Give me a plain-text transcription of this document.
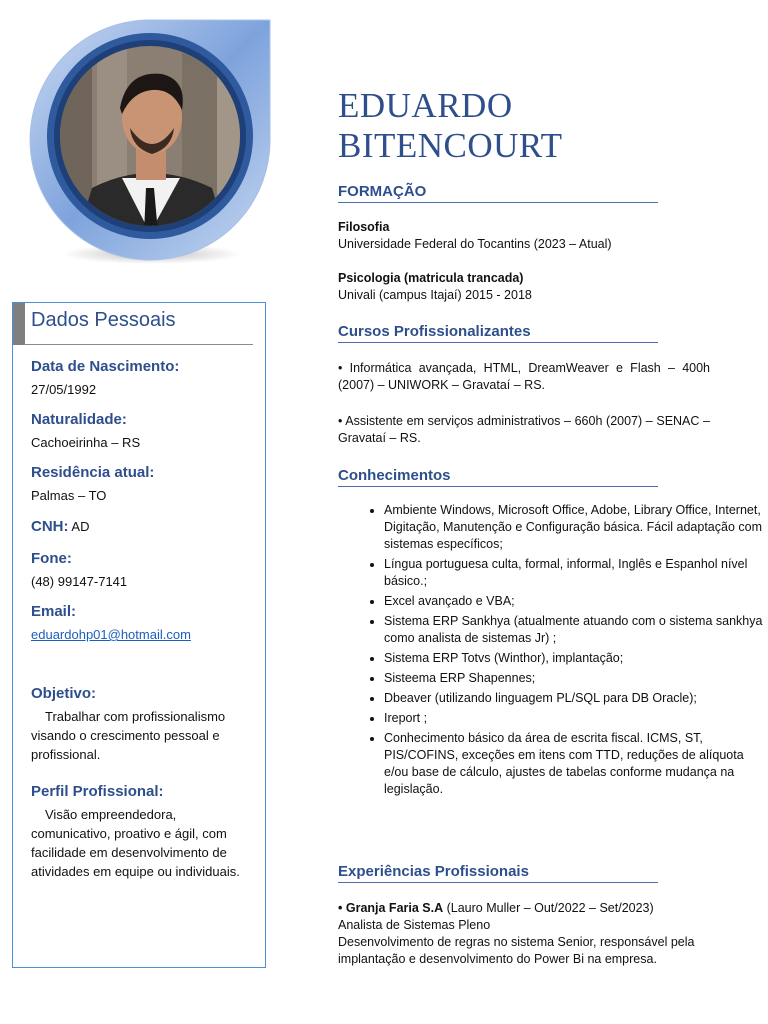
EDUARDO
BITENCOURT
Dados Pessoais
Data de Nascimento:
27/05/1992
Naturalidade:
Cachoeirinha – RS
Residência atual:
Palmas – TO
CNH: AD
Fone:
(48) 99147-7141
Email:
eduardohp01@hotmail.com
Objetivo:
Trabalhar com profissionalismo visando o crescimento pessoal e profissional.
Perfil Profissional:
Visão empreendedora, comunicativo, proativo e ágil, com facilidade em desenvolvimento de atividades em equipe ou individuais.
FORMAÇÃO
Filosofia
Universidade Federal do Tocantins (2023 – Atual)
Psicologia (matricula trancada)
Univali (campus Itajaí) 2015 - 2018
Cursos Profissionalizantes
• Informática avançada, HTML, DreamWeaver e Flash – 400h (2007) – UNIWORK – Gravataí – RS.
• Assistente em serviços administrativos – 660h (2007) – SENAC – Gravataí – RS.
Conhecimentos
• Ambiente Windows, Microsoft Office, Adobe, Library Office, Internet, Digitação, Manutenção e Configuração básica. Fácil adaptação com sistemas específicos;
• Língua portuguesa culta, formal, informal, Inglês e Espanhol nível básico.;
• Excel avançado e VBA;
• Sistema ERP Sankhya (atualmente atuando com o sistema sankhya como analista de sistemas Jr) ;
• Sistema ERP Totvs (Winthor), implantação;
• Sisteema ERP Shapennes;
• Dbeaver (utilizando linguagem PL/SQL para DB Oracle);
• Ireport ;
• Conhecimento básico da área de escrita fiscal. ICMS, ST, PIS/COFINS, exceções em itens com TTD, reduções de alíquota e/ou base de cálculo, ajustes de tabelas conforme mudança na legislação.
Experiências Profissionais
• Granja Faria S.A (Lauro Muller – Out/2022 – Set/2023)
Analista de Sistemas Pleno
Desenvolvimento de regras no sistema Senior, responsável pela implantação e desenvolvimento do Power Bi na empresa.
